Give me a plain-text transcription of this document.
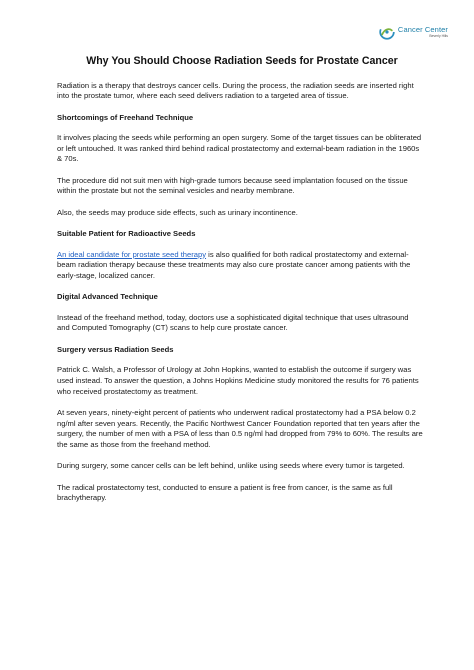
Cancer Center
Beverly Hills
Why You Should Choose Radiation Seeds for Prostate Cancer

Radiation is a therapy that destroys cancer cells. During the process, the radiation seeds are inserted right into the prostate tumor, where each seed delivers radiation to a targeted area of tissue.

Shortcomings of Freehand Technique

It involves placing the seeds while performing an open surgery. Some of the target tissues can be obliterated or left untouched. It was ranked third behind radical prostatectomy and external-beam radiation in the 1960s & 70s.

The procedure did not suit men with high-grade tumors because seed implantation focused on the tissue within the prostate but not the seminal vesicles and nearby membrane.

Also, the seeds may produce side effects, such as urinary incontinence.

Suitable Patient for Radioactive Seeds

An ideal candidate for prostate seed therapy is also qualified for both radical prostatectomy and external-beam radiation therapy because these treatments may also cure prostate cancer among patients with the early-stage, localized cancer.

Digital Advanced Technique

Instead of the freehand method, today, doctors use a sophisticated digital technique that uses ultrasound and Computed Tomography (CT) scans to help cure prostate cancer.

Surgery versus Radiation Seeds

Patrick C. Walsh, a Professor of Urology at John Hopkins, wanted to establish the outcome if surgery was used instead. To answer the question, a Johns Hopkins Medicine study monitored the results for 76 patients who received prostatectomy as treatment.

At seven years, ninety-eight percent of patients who underwent radical prostatectomy had a PSA below 0.2 ng/ml after seven years. Recently, the Pacific Northwest Cancer Foundation reported that ten years after the surgery, the number of men with a PSA of less than 0.5 ng/ml had dropped from 79% to 60%. The results are the same as those from the freehand method.

During surgery, some cancer cells can be left behind, unlike using seeds where every tumor is targeted.

The radical prostatectomy test, conducted to ensure a patient is free from cancer, is the same as full brachytherapy.
